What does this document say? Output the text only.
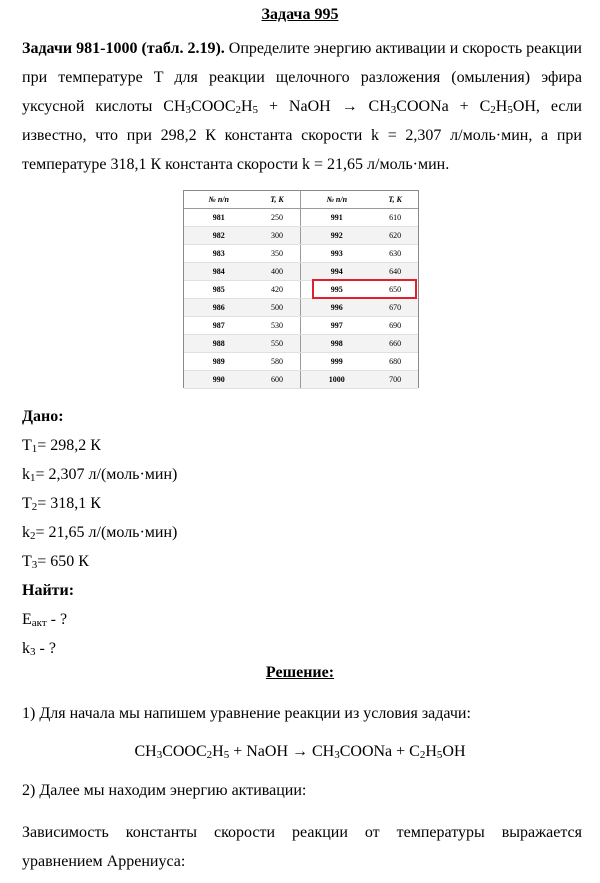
Задача 995
Задачи 981-1000 (табл. 2.19). Определите энергию активации и скорость реакции при температуре T для реакции щелочного разложения (омыления) эфира уксусной кислоты $CH_3COOC_2H_5$ + NaOH → $CH_3COONa + C_2H_5OH$, если известно, что при 298,2 К константа скорости k = 2,307 л/моль·мин, а при температуре 318,1 К константа скорости k = 21,65 л/моль·мин.
№ п/п	T, K	№ п/п	T, K
981	250	991	610
982	300	992	620
983	350	993	630
984	400	994	640
985	420	995	650
986	500	996	670
987	530	997	690
988	550	998	660
989	580	999	680
990	600	1000	700
Дано:
$T_1= 298,2$ К
$k_1= 2,307$ л/(моль·мин)
$T_2= 318,1$ К
$k_2= 21,65$ л/(моль·мин)
$T_3= 650$ К
Найти:
$E_{акт}$ - ?
$k_3$ - ?
Решение:
1) Для начала мы напишем уравнение реакции из условия задачи:
$CH_3COOC_2H_5$ + NaOH → $CH_3COONa + C_2H_5OH$
2) Далее мы находим энергию активации:
Зависимость константы скорости реакции от температуры выражается уравнением Аррениуса:
